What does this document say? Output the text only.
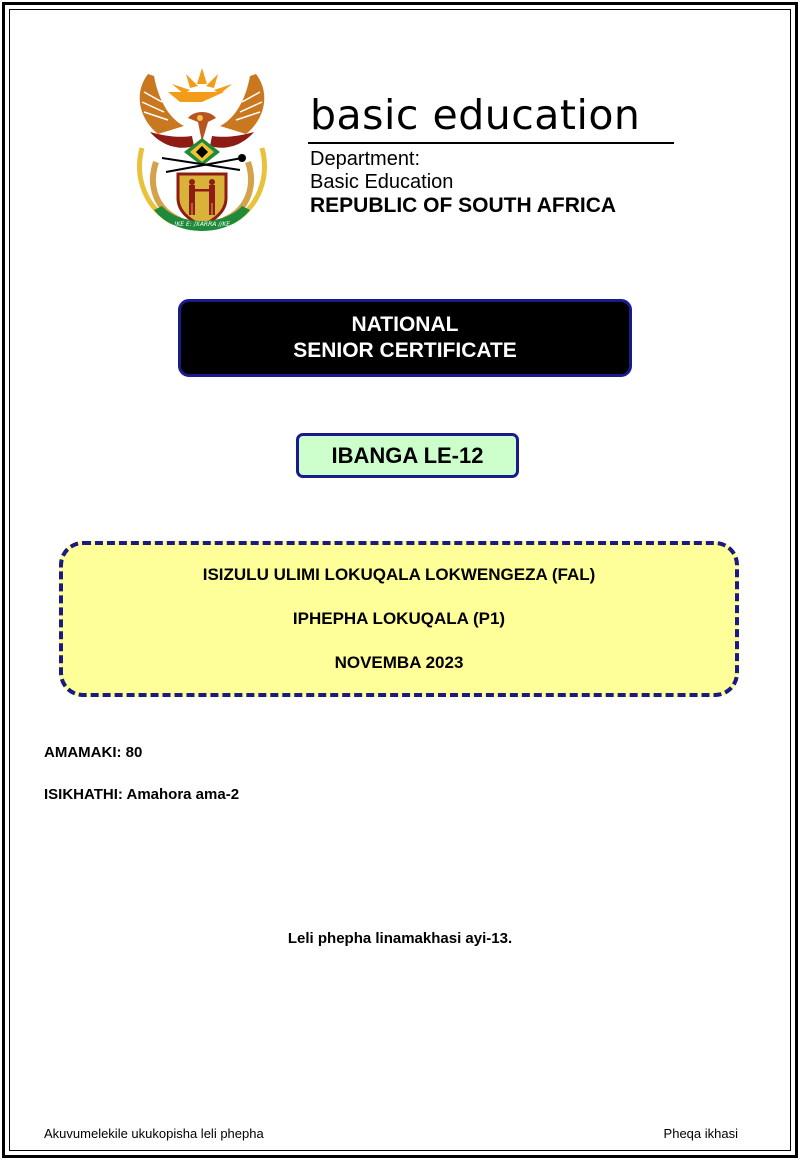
!KE E: /XARRA //KE
basic education
Department:
Basic Education
REPUBLIC OF SOUTH AFRICA
NATIONAL
SENIOR CERTIFICATE
IBANGA LE-12
ISIZULU ULIMI LOKUQALA LOKWENGEZA (FAL)
IPHEPHA LOKUQALA (P1)
NOVEMBA 2023
AMAMAKI: 80
ISIKHATHI: Amahora ama-2
Leli phepha linamakhasi ayi-13.
Akuvumelekile ukukopisha leli phepha	Pheqa ikhasi
